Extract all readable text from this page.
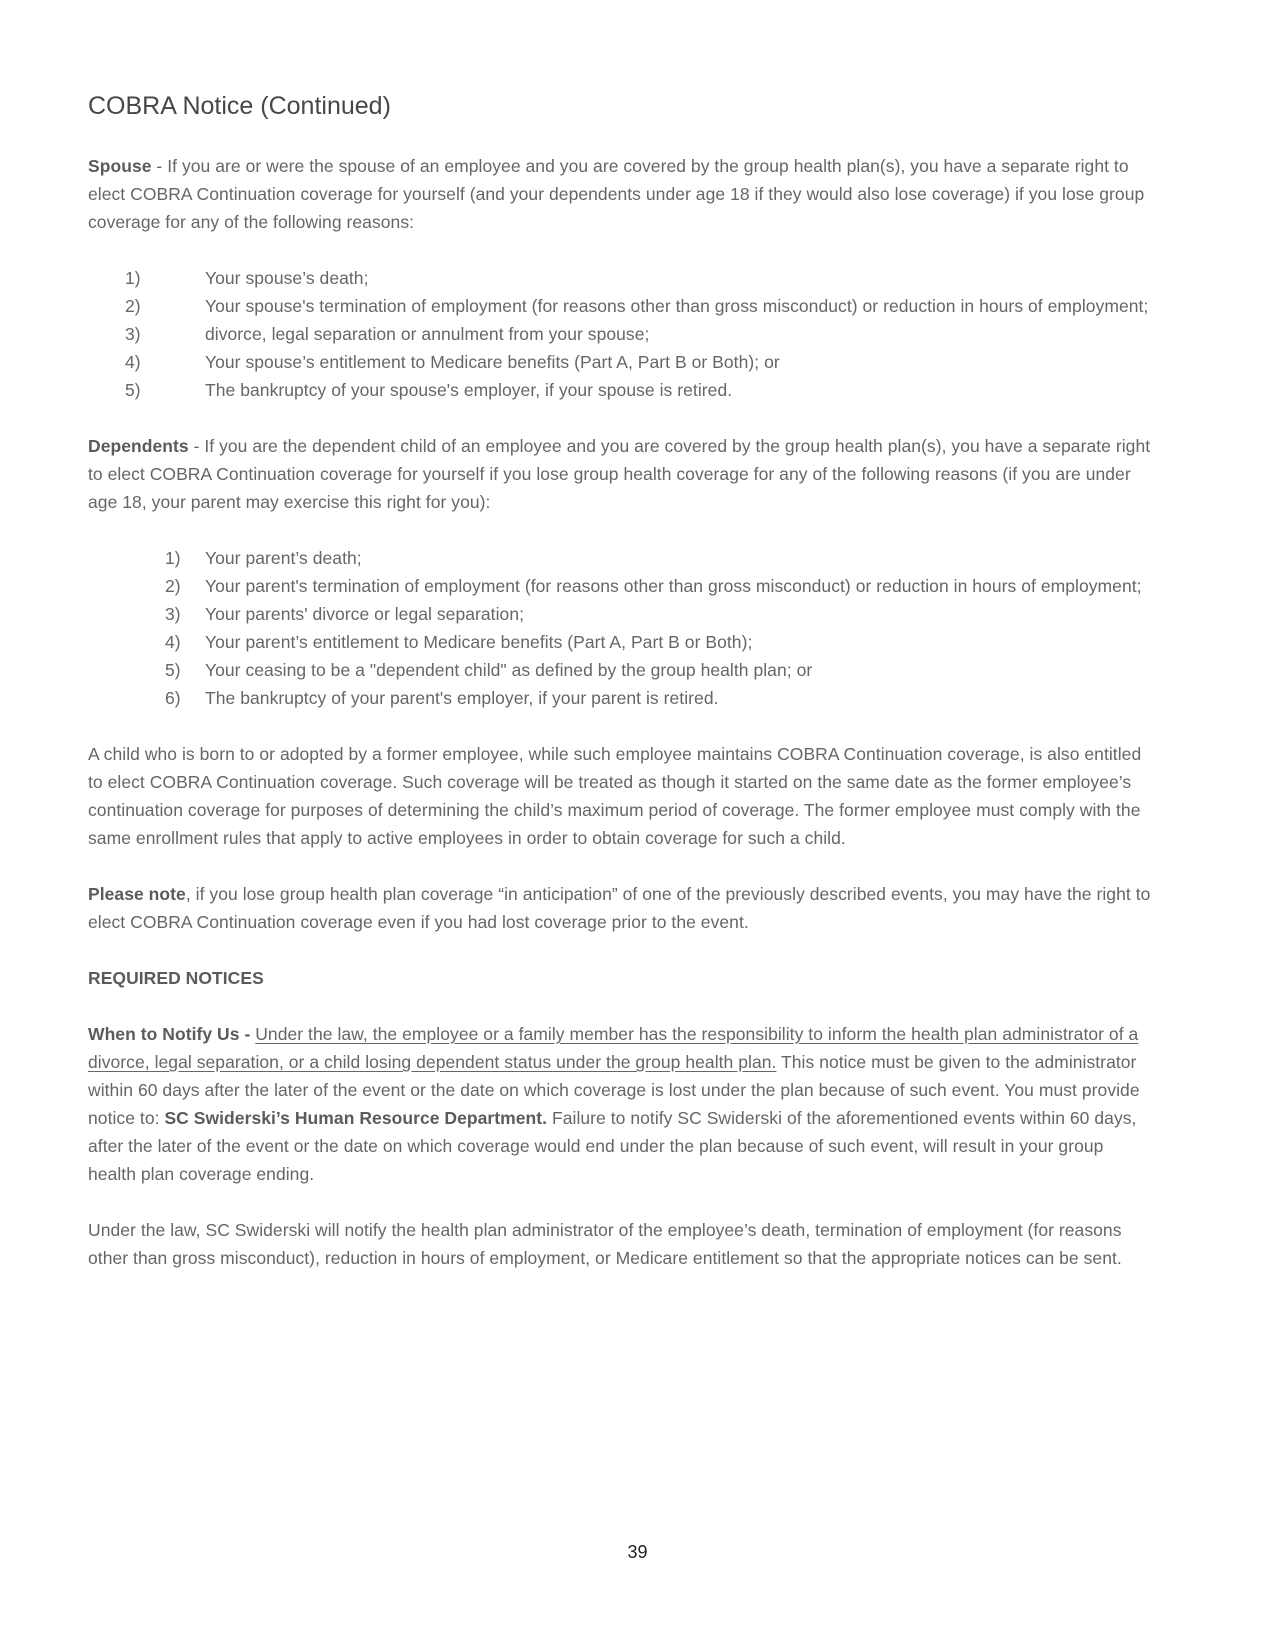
COBRA Notice (Continued)

Spouse - If you are or were the spouse of an employee and you are covered by the group health plan(s), you have a separate right to elect COBRA Continuation coverage for yourself (and your dependents under age 18 if they would also lose coverage) if you lose group coverage for any of the following reasons:

1)	Your spouse’s death;
2)	Your spouse's termination of employment (for reasons other than gross misconduct) or reduction in hours of employment;
3)	divorce, legal separation or annulment from your spouse;
4)	Your spouse’s entitlement to Medicare benefits (Part A, Part B or Both); or
5)	The bankruptcy of your spouse's employer, if your spouse is retired.

Dependents - If you are the dependent child of an employee and you are covered by the group health plan(s), you have a separate right to elect COBRA Continuation coverage for yourself if you lose group health coverage for any of the following reasons (if you are under age 18, your parent may exercise this right for you):

1)	Your parent’s death;
2)	Your parent's termination of employment (for reasons other than gross misconduct) or reduction in hours of employment;
3)	Your parents' divorce or legal separation;
4)	Your parent’s entitlement to Medicare benefits (Part A, Part B or Both);
5)	Your ceasing to be a "dependent child" as defined by the group health plan; or
6)	The bankruptcy of your parent's employer, if your parent is retired.

A child who is born to or adopted by a former employee, while such employee maintains COBRA Continuation coverage, is also entitled to elect COBRA Continuation coverage. Such coverage will be treated as though it started on the same date as the former employee’s continuation coverage for purposes of determining the child’s maximum period of coverage. The former employee must comply with the same enrollment rules that apply to active employees in order to obtain coverage for such a child.

Please note, if you lose group health plan coverage “in anticipation” of one of the previously described events, you may have the right to elect COBRA Continuation coverage even if you had lost coverage prior to the event.

REQUIRED NOTICES

When to Notify Us - Under the law, the employee or a family member has the responsibility to inform the health plan administrator of a divorce, legal separation, or a child losing dependent status under the group health plan. This notice must be given to the administrator within 60 days after the later of the event or the date on which coverage is lost under the plan because of such event. You must provide notice to: SC Swiderski’s Human Resource Department. Failure to notify SC Swiderski of the aforementioned events within 60 days, after the later of the event or the date on which coverage would end under the plan because of such event, will result in your group health plan coverage ending.

Under the law, SC Swiderski will notify the health plan administrator of the employee’s death, termination of employment (for reasons other than gross misconduct), reduction in hours of employment, or Medicare entitlement so that the appropriate notices can be sent.

39
